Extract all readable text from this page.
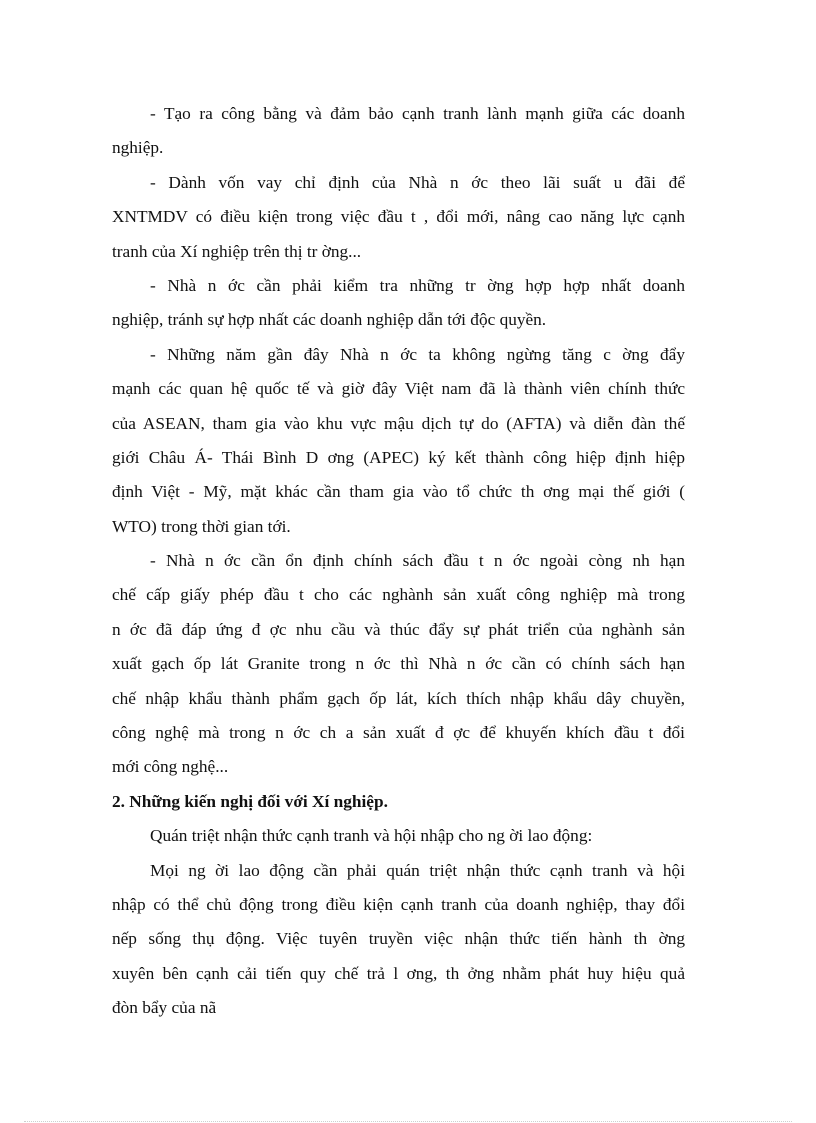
- Tạo ra công bằng và đảm bảo cạnh tranh lành mạnh giữa các doanh
nghiệp.
- Dành vốn vay chỉ định của Nhà n ớc theo lãi suất u đãi để
XNTMDV có điều kiện trong việc đầu t , đổi mới, nâng cao năng lực cạnh
tranh của Xí nghiệp trên thị tr ờng...
- Nhà n ớc cần phải kiểm tra những tr ờng hợp hợp nhất doanh
nghiệp, tránh sự hợp nhất các doanh nghiệp dẫn tới độc quyền.
- Những năm gần đây Nhà n ớc ta không ngừng tăng c ờng đẩy
mạnh các quan hệ quốc tế và giờ đây Việt nam đã là thành viên chính thức
của ASEAN, tham gia vào khu vực mậu dịch tự do (AFTA) và diễn đàn thế
giới Châu Á- Thái Bình D ơng (APEC) ký kết thành công hiệp định hiệp
định Việt - Mỹ, mặt khác cần tham gia vào tổ chức th ơng mại thế giới (
WTO) trong thời gian tới.
- Nhà n ớc cần ổn định chính sách đầu t n ớc ngoài còng nh hạn
chế cấp giấy phép đầu t cho các nghành sản xuất công nghiệp mà trong
n ớc đã đáp ứng đ ợc nhu cầu và thúc đẩy sự phát triển của nghành sản
xuất gạch ốp lát Granite trong n ớc thì Nhà n ớc cần có chính sách hạn
chế nhập khẩu thành phẩm gạch ốp lát, kích thích nhập khẩu dây chuyền,
công nghệ mà trong n ớc ch a sản xuất đ ợc để khuyến khích đầu t đổi
mới công nghệ...
2. Những kiến nghị đối với Xí nghiệp.
Quán triệt nhận thức cạnh tranh và hội nhập cho ng ời lao động:
Mọi ng ời lao động cần phải quán triệt nhận thức cạnh tranh và hội
nhập có thể chủ động trong điều kiện cạnh tranh của doanh nghiệp, thay đổi
nếp sống thụ động. Việc tuyên truyền việc nhận thức tiến hành th ờng
xuyên bên cạnh cải tiến quy chế trả l ơng, th ởng nhằm phát huy hiệu quả
đòn bẩy của nã
